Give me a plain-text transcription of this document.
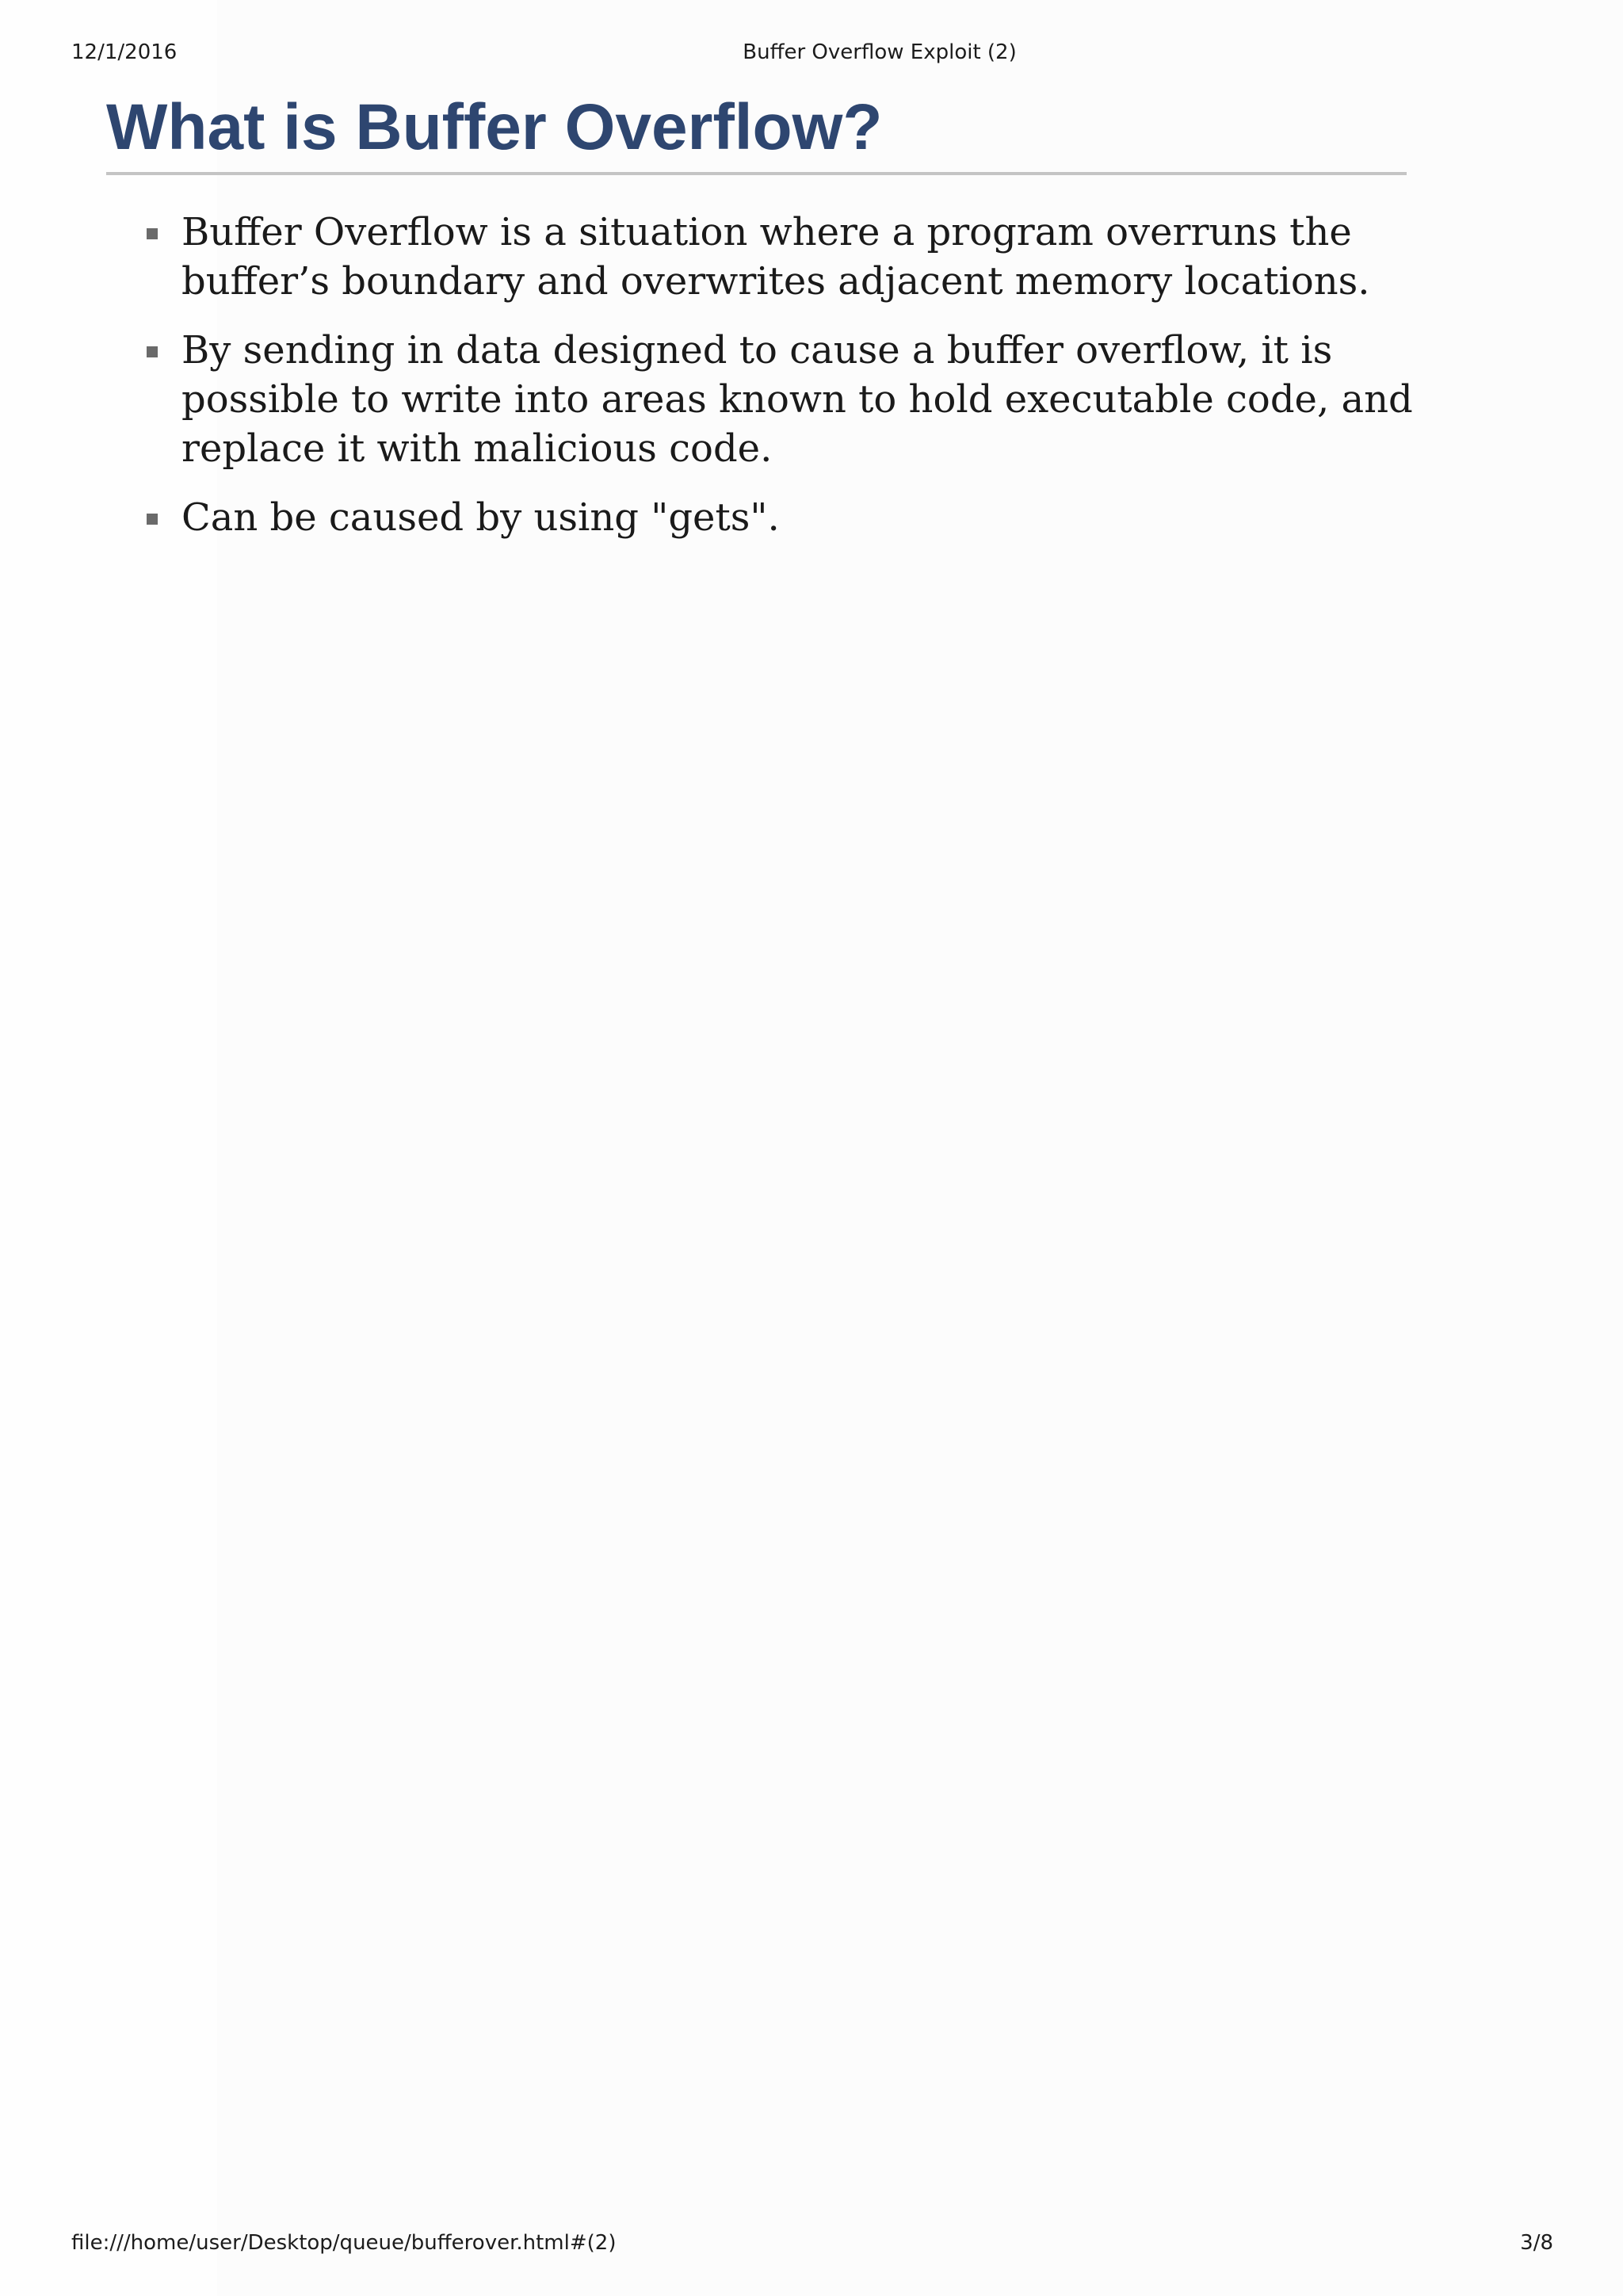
12/1/2016	Buffer Overflow Exploit (2)
What is Buffer Overflow?
Buffer Overflow is a situation where a program overruns the buffer’s boundary and overwrites adjacent memory locations.
By sending in data designed to cause a buffer overflow, it is possible to write into areas known to hold executable code, and replace it with malicious code.
Can be caused by using "gets".
file:///home/user/Desktop/queue/bufferover.html#(2)	3/8
